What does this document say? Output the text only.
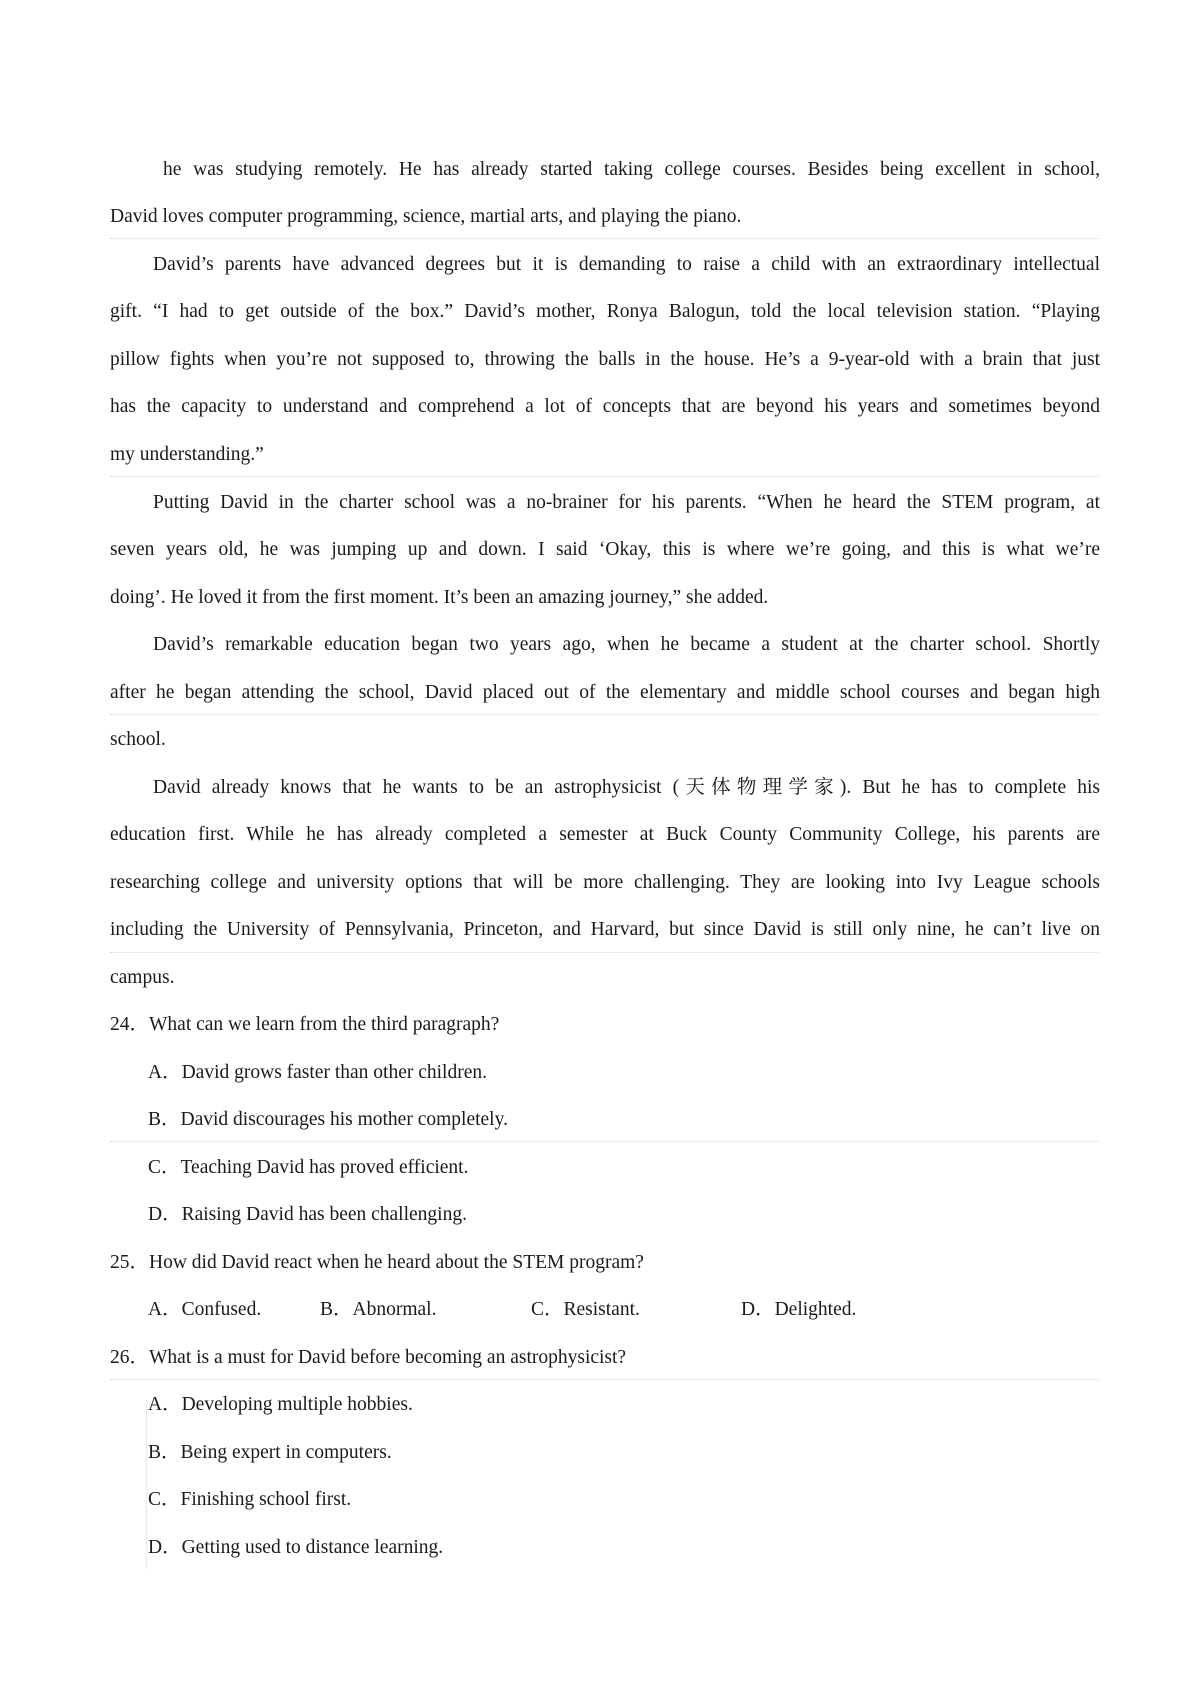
he was studying remotely. He has already started taking college courses. Besides being excellent in school,
David loves computer programming, science, martial arts, and playing the piano.
David’s parents have advanced degrees but it is demanding to raise a child with an extraordinary intellectual
gift. “I had to get outside of the box.” David’s mother, Ronya Balogun, told the local television station. “Playing
pillow fights when you’re not supposed to, throwing the balls in the house. He’s a 9-year-old with a brain that just
has the capacity to understand and comprehend a lot of concepts that are beyond his years and sometimes beyond
my understanding.”
Putting David in the charter school was a no-brainer for his parents. “When he heard the STEM program, at
seven years old, he was jumping up and down. I said ‘Okay, this is where we’re going, and this is what we’re
doing’. He loved it from the first moment. It’s been an amazing journey,” she added.
David’s remarkable education began two years ago, when he became a student at the charter school. Shortly
after he began attending the school, David placed out of the elementary and middle school courses and began high
school.
David already knows that he wants to be an astrophysicist (天体物理学家). But he has to complete his
education first. While he has already completed a semester at Buck County Community College, his parents are
researching college and university options that will be more challenging. They are looking into Ivy League schools
including the University of Pennsylvania, Princeton, and Harvard, but since David is still only nine, he can’t live on
campus.
24．What can we learn from the third paragraph?
A．David grows faster than other children.
B．David discourages his mother completely.
C．Teaching David has proved efficient.
D．Raising David has been challenging.
25．How did David react when he heard about the STEM program?
A．Confused.	B．Abnormal.	C．Resistant.	D．Delighted.
26．What is a must for David before becoming an astrophysicist?
A．Developing multiple hobbies.
B．Being expert in computers.
C．Finishing school first.
D．Getting used to distance learning.
